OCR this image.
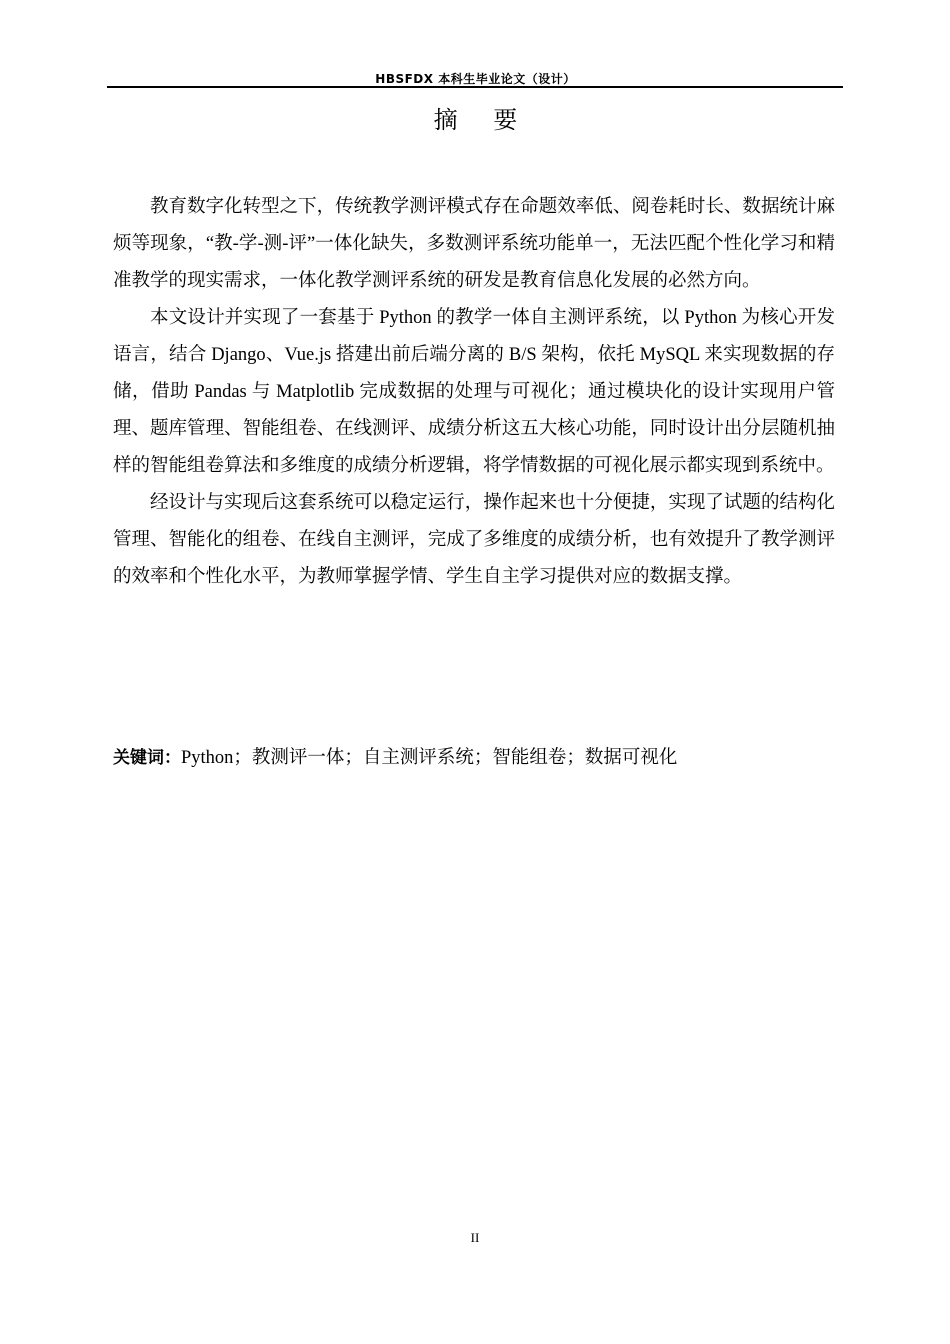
HBSFDX 本科生毕业论文（设计）
摘 要

教育数字化转型之下，传统教学测评模式存在命题效率低、阅卷耗时长、数据统计麻烦等现象，“教-学-测-评”一体化缺失，多数测评系统功能单一，无法匹配个性化学习和精准教学的现实需求，一体化教学测评系统的研发是教育信息化发展的必然方向。

本文设计并实现了一套基于 Python 的教学一体自主测评系统，以 Python 为核心开发语言，结合 Django、Vue.js 搭建出前后端分离的 B/S 架构，依托 MySQL 来实现数据的存储，借助 Pandas 与 Matplotlib 完成数据的处理与可视化；通过模块化的设计实现用户管理、题库管理、智能组卷、在线测评、成绩分析这五大核心功能，同时设计出分层随机抽样的智能组卷算法和多维度的成绩分析逻辑，将学情数据的可视化展示都实现到系统中。

经设计与实现后这套系统可以稳定运行，操作起来也十分便捷，实现了试题的结构化管理、智能化的组卷、在线自主测评，完成了多维度的成绩分析，也有效提升了教学测评的效率和个性化水平，为教师掌握学情、学生自主学习提供对应的数据支撑。

关键词：Python；教测评一体；自主测评系统；智能组卷；数据可视化
II
